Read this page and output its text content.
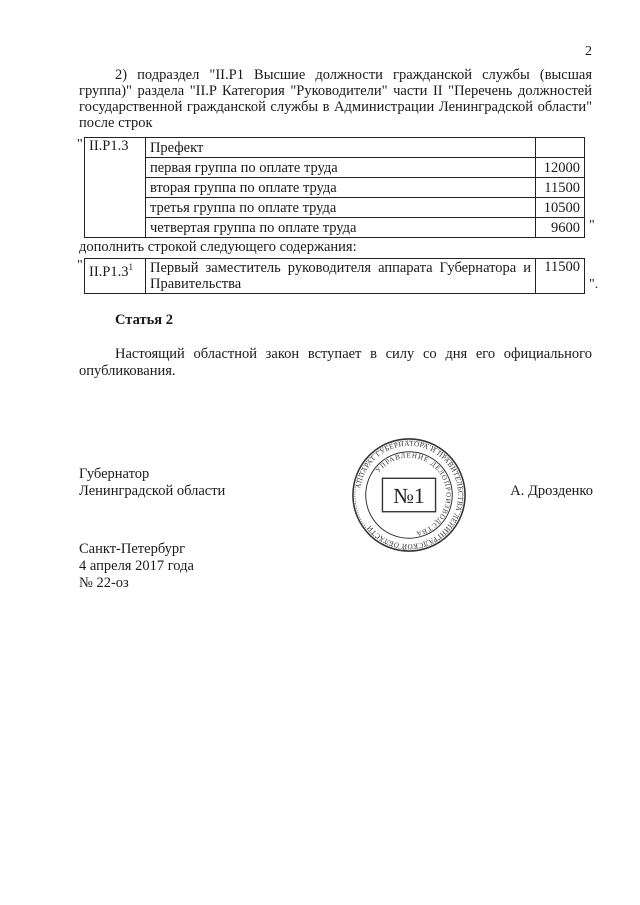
2
2) подраздел "II.P1 Высшие должности гражданской службы (высшая группа)" раздела "II.P Категория "Руководители" части II "Перечень должностей государственной гражданской службы в Администрации Ленинградской области" после строк
" II.P1.3	Префект	
	первая группа по оплате труда	12000
	вторая группа по оплате труда	11500
	третья группа по оплате труда	10500
	четвертая группа по оплате труда	9600 "
дополнить строкой следующего содержания:
" $II.P1.3^1$	Первый заместитель руководителя аппарата Губернатора и Правительства	11500
".
Статья 2
Настоящий областной закон вступает в силу со дня его официального опубликования.
Губернатор
Ленинградской области	А. Дрозденко
АППАРАТ ГУБЕРНАТОРА И ПРАВИТЕЛЬСТВА ЛЕНИНГРАДСКОЙ ОБЛАСТИ
УПРАВЛЕНИЕ ДЕЛОПРОИЗВОДСТВА
№1
Санкт-Петербург
4 апреля 2017 года
№ 22-оз
